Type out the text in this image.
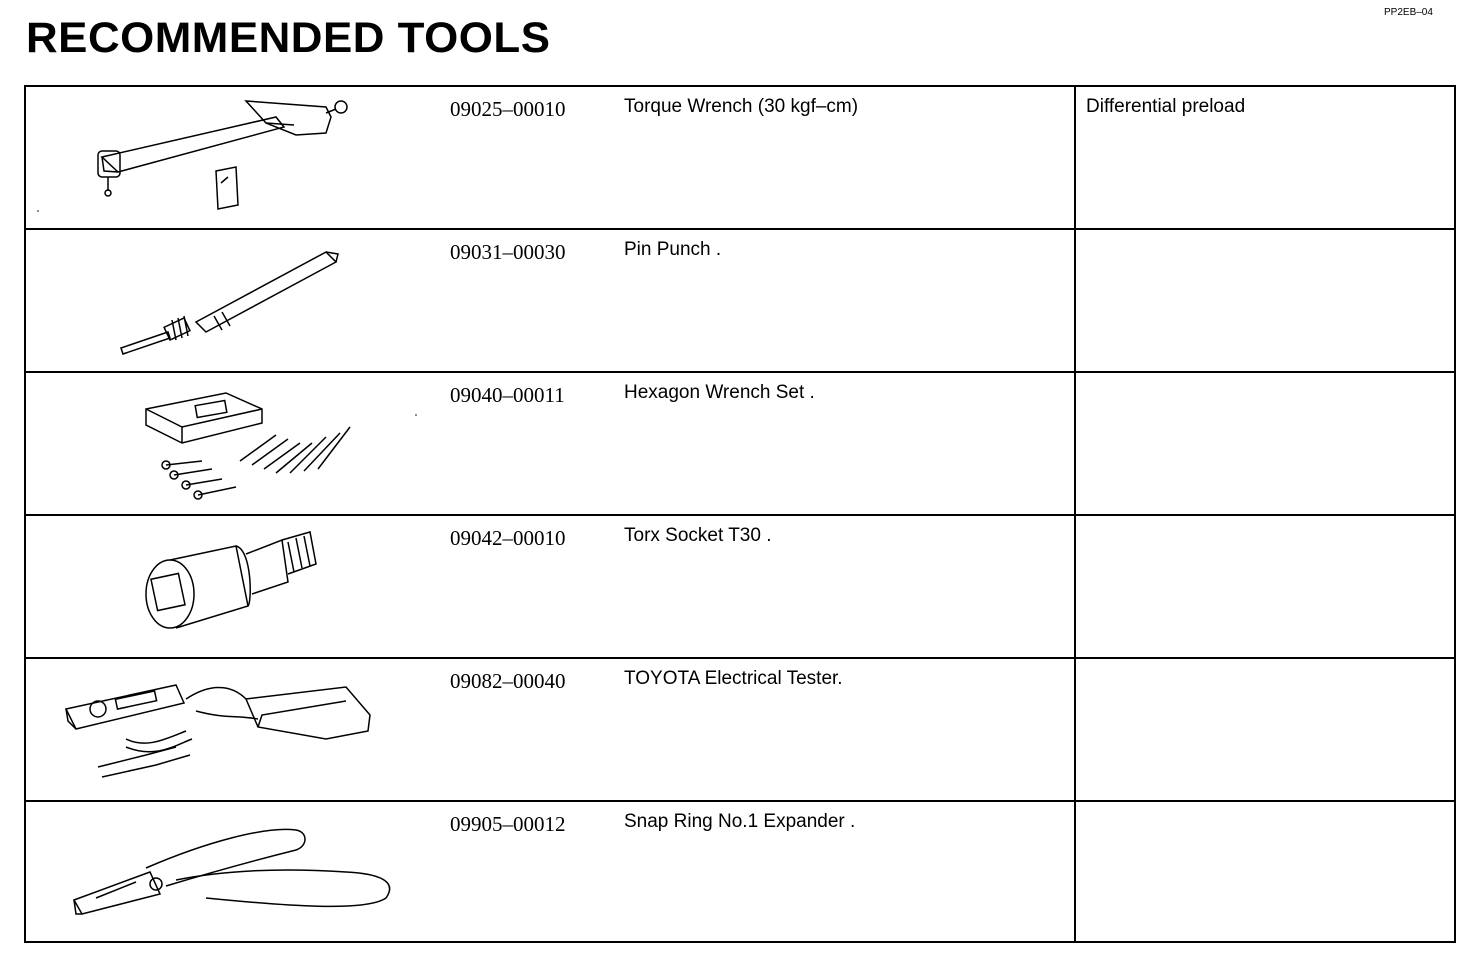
RECOMMENDED TOOLS
PP2EB–04
09025–00010	Torque Wrench (30 kgf–cm)	Differential preload
09031–00030	Pin Punch .
09040–00011	Hexagon Wrench Set .
09042–00010	Torx Socket T30 .
09082–00040	TOYOTA Electrical Tester.
09905–00012	Snap Ring No.1 Expander .
